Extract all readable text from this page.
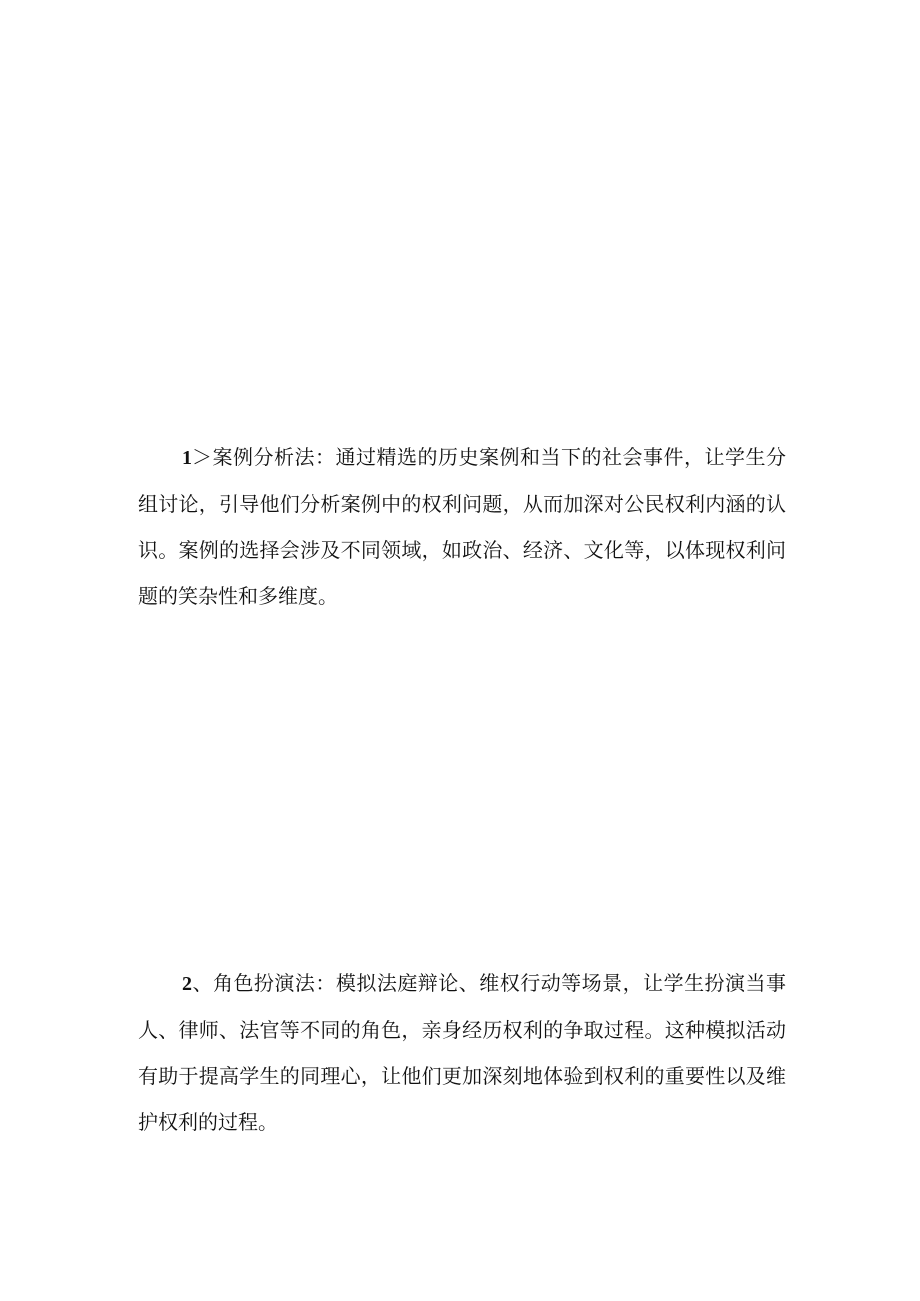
1＞案例分析法：通过精选的历史案例和当下的社会事件，让学生分组讨论，引导他们分析案例中的权利问题，从而加深对公民权利内涵的认识。案例的选择会涉及不同领域，如政治、经济、文化等，以体现权利问题的笑杂性和多维度。

2、角色扮演法：模拟法庭辩论、维权行动等场景，让学生扮演当事人、律师、法官等不同的角色，亲身经历权利的争取过程。这种模拟活动有助于提高学生的同理心，让他们更加深刻地体验到权利的重要性以及维护权利的过程。
